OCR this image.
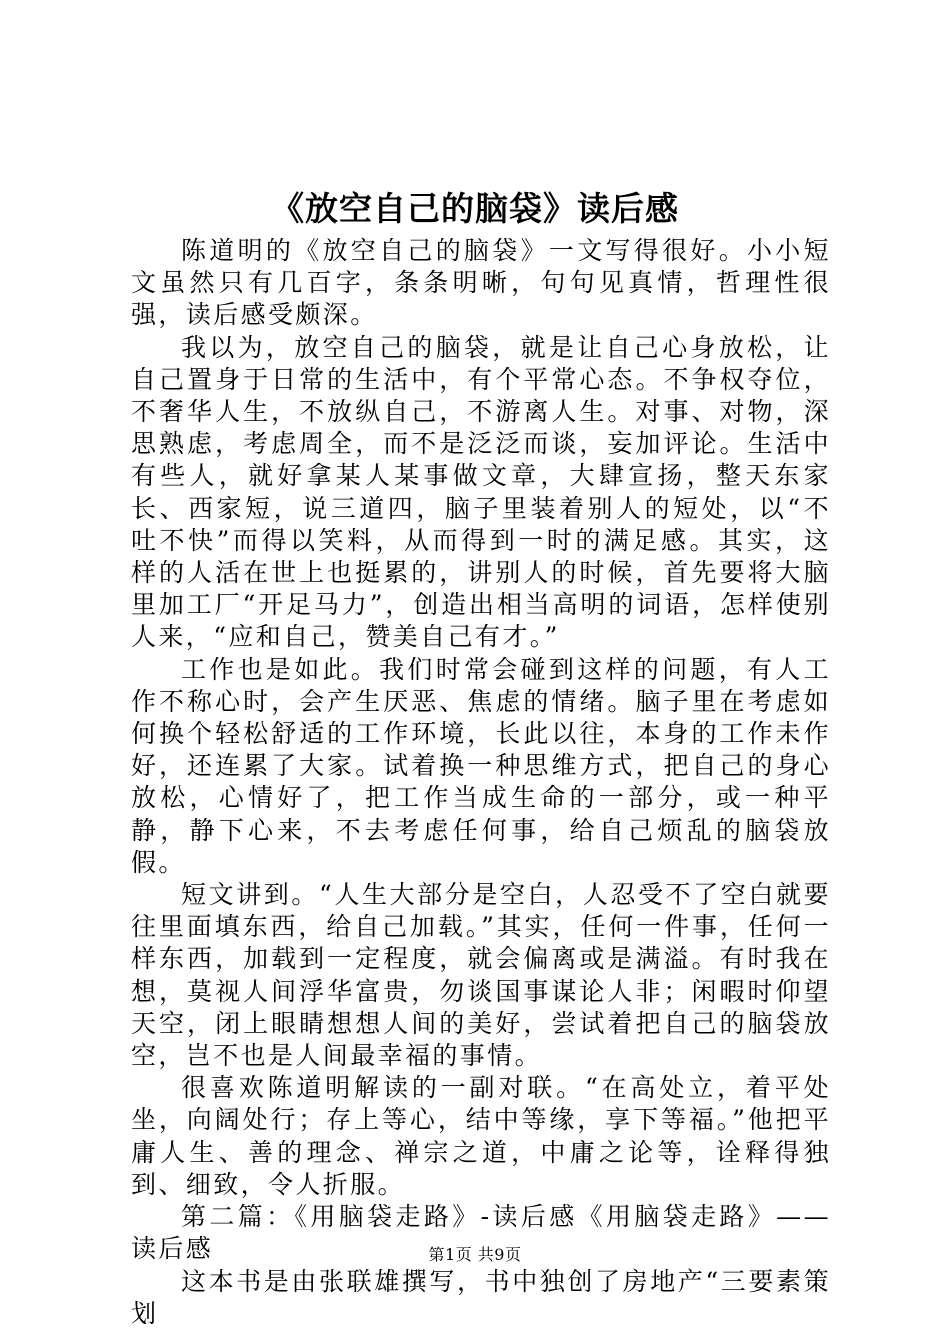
《放空自己的脑袋》读后感

陈道明的《放空自己的脑袋》一文写得很好。小小短文虽然只有几百字，条条明晰，句句见真情，哲理性很强，读后感受颇深。

我以为，放空自己的脑袋，就是让自己心身放松，让自己置身于日常的生活中，有个平常心态。不争权夺位，不奢华人生，不放纵自己，不游离人生。对事、对物，深思熟虑，考虑周全，而不是泛泛而谈，妄加评论。生活中有些人，就好拿某人某事做文章，大肆宣扬，整天东家长、西家短，说三道四，脑子里装着别人的短处，以“不吐不快”而得以笑料，从而得到一时的满足感。其实，这样的人活在世上也挺累的，讲别人的时候，首先要将大脑里加工厂“开足马力”，创造出相当高明的词语，怎样使别人来，“应和自己，赞美自己有才。”

工作也是如此。我们时常会碰到这样的问题，有人工作不称心时，会产生厌恶、焦虑的情绪。脑子里在考虑如何换个轻松舒适的工作环境，长此以往，本身的工作未作好，还连累了大家。试着换一种思维方式，把自己的身心放松，心情好了，把工作当成生命的一部分，或一种平静，静下心来，不去考虑任何事，给自己烦乱的脑袋放假。

短文讲到。“人生大部分是空白，人忍受不了空白就要往里面填东西，给自己加载。”其实，任何一件事，任何一样东西，加载到一定程度，就会偏离或是满溢。有时我在想，莫视人间浮华富贵，勿谈国事谋论人非；闲暇时仰望天空，闭上眼睛想想人间的美好，尝试着把自己的脑袋放空，岂不也是人间最幸福的事情。

很喜欢陈道明解读的一副对联。“在高处立，着平处坐，向阔处行；存上等心，结中等缘，享下等福。”他把平庸人生、善的理念、禅宗之道，中庸之论等，诠释得独到、细致，令人折服。

第二篇：《用脑袋走路》-读后感《用脑袋走路》——读后感

这本书是由张联雄撰写，书中独创了房地产“三要素策划

第1页 共9页
